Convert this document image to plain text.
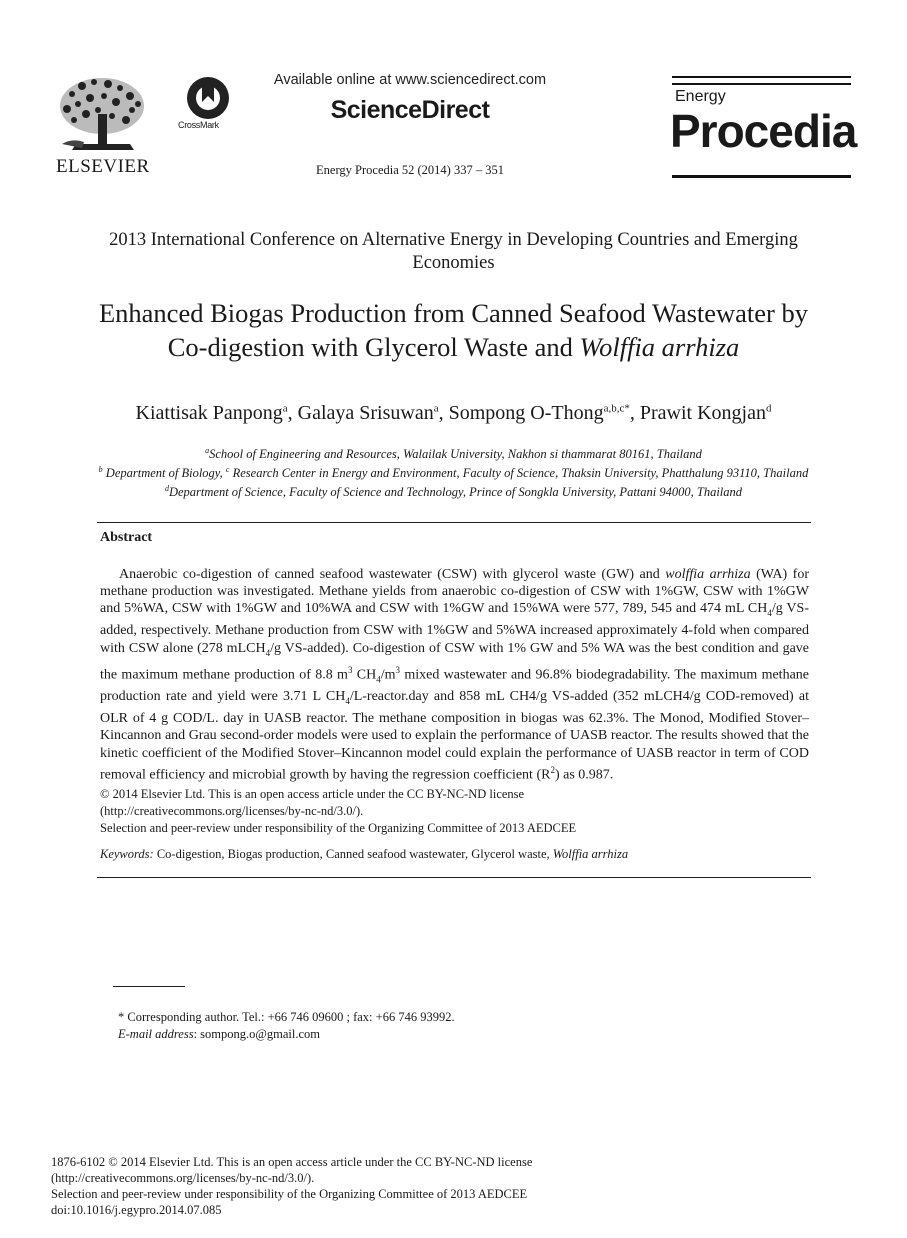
ELSEVIER
CrossMark
Available online at www.sciencedirect.com
ScienceDirect
Energy Procedia 52 (2014) 337 – 351
Energy
Procedia
2013 International Conference on Alternative Energy in Developing Countries and Emerging Economies
Enhanced Biogas Production from Canned Seafood Wastewater by Co-digestion with Glycerol Waste and Wolffia arrhiza
Kiattisak Panpong$^a$, Galaya Srisuwan$^a$, Sompong O-Thong$^{a,b,c*}$, Prawit Kongjan$^d$
$^a$School of Engineering and Resources, Walailak University, Nakhon si thammarat 80161, Thailand
$^b$ Department of Biology, $^c$ Research Center in Energy and Environment, Faculty of Science, Thaksin University, Phatthalung 93110, Thailand
$^d$Department of Science, Faculty of Science and Technology, Prince of Songkla University, Pattani 94000, Thailand
Abstract
Anaerobic co-digestion of canned seafood wastewater (CSW) with glycerol waste (GW) and wolffia arrhiza (WA) for methane production was investigated. Methane yields from anaerobic co-digestion of CSW with 1%GW, CSW with 1%GW and 5%WA, CSW with 1%GW and 10%WA and CSW with 1%GW and 15%WA were 577, 789, 545 and 474 mL $CH_4/g$ VS-added, respectively. Methane production from CSW with 1%GW and 5%WA increased approximately 4-fold when compared with CSW alone (278 mLCH$_4$/g VS-added). Co-digestion of CSW with 1% GW and 5% WA was the best condition and gave the maximum methane production of 8.8 $m^3$ $CH_4/m^3$ mixed wastewater and 96.8% biodegradability. The maximum methane production rate and yield were 3.71 L $CH_4/L-reactor.day$ and 858 mL CH4/g VS-added (352 mLCH4/g COD-removed) at OLR of 4 g COD/L. day in UASB reactor. The methane composition in biogas was 62.3%. The Monod, Modified Stover–Kincannon and Grau second-order models were used to explain the performance of UASB reactor. The results showed that the kinetic coefficient of the Modified Stover–Kincannon model could explain the performance of UASB reactor in term of COD removal efficiency and microbial growth by having the regression coefficient $(R^2)$ as 0.987.
© 2014 Elsevier Ltd. This is an open access article under the CC BY-NC-ND license
(http://creativecommons.org/licenses/by-nc-nd/3.0/).
Selection and peer-review under responsibility of the Organizing Committee of 2013 AEDCEE
Keywords: Co-digestion, Biogas production, Canned seafood wastewater, Glycerol waste, Wolffia arrhiza
* Corresponding author. Tel.: +66 746 09600 ; fax: +66 746 93992.
E-mail address: sompong.o@gmail.com
1876-6102 © 2014 Elsevier Ltd. This is an open access article under the CC BY-NC-ND license
(http://creativecommons.org/licenses/by-nc-nd/3.0/).
Selection and peer-review under responsibility of the Organizing Committee of 2013 AEDCEE
doi:10.1016/j.egypro.2014.07.085
